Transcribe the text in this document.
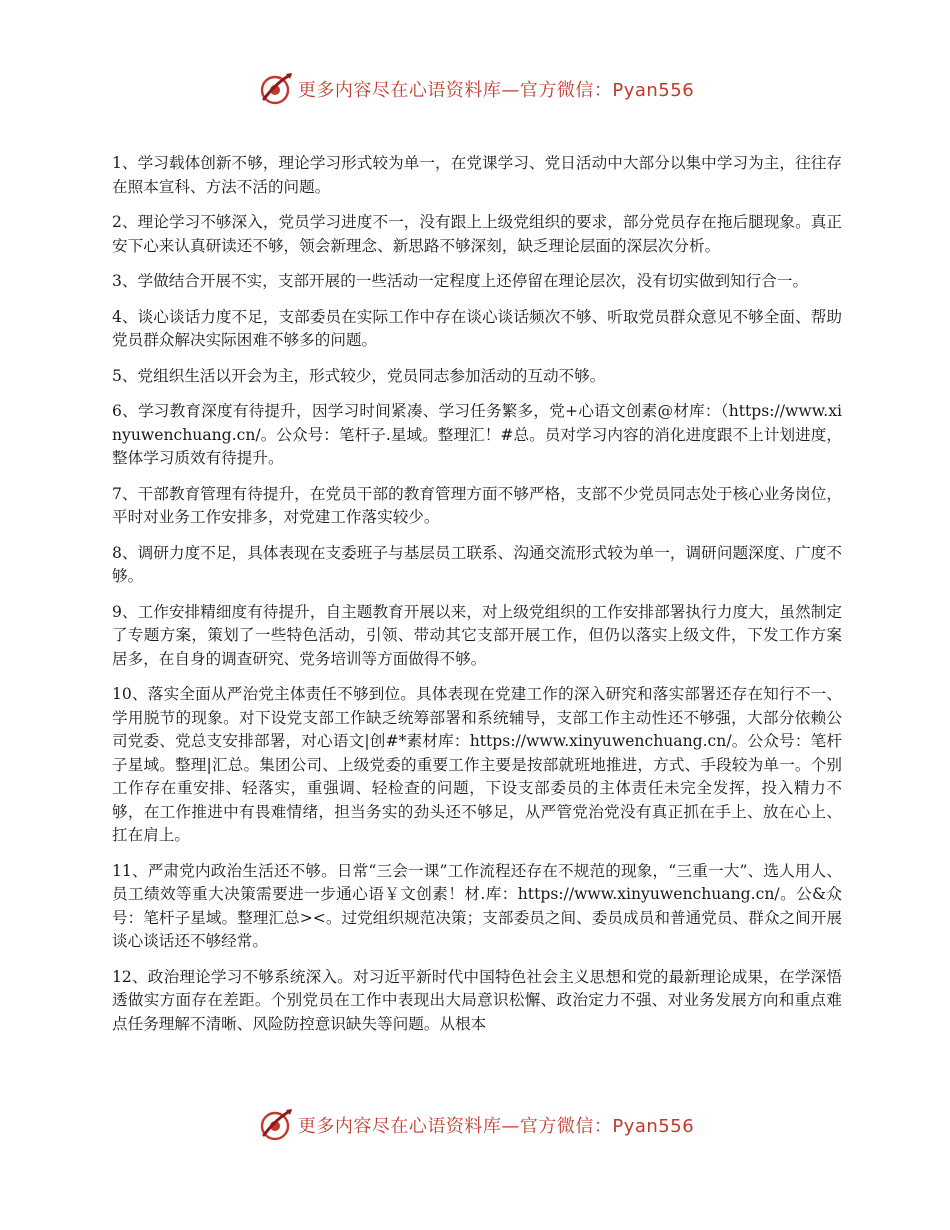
更多内容尽在心语资料库—官方微信：Pyan556

1、学习载体创新不够，理论学习形式较为单一，在党课学习、党日活动中大部分以集中学习为主，往往存在照本宣科、方法不活的问题。

2、理论学习不够深入，党员学习进度不一，没有跟上上级党组织的要求，部分党员存在拖后腿现象。真正安下心来认真研读还不够，领会新理念、新思路不够深刻，缺乏理论层面的深层次分析。

3、学做结合开展不实，支部开展的一些活动一定程度上还停留在理论层次，没有切实做到知行合一。

4、谈心谈话力度不足，支部委员在实际工作中存在谈心谈话频次不够、听取党员群众意见不够全面、帮助党员群众解决实际困难不够多的问题。

5、党组织生活以开会为主，形式较少，党员同志参加活动的互动不够。

6、学习教育深度有待提升，因学习时间紧凑、学习任务繁多，党+心语文创素@材库：（https://www.xinyuwenchuang.cn/。公众号：笔杆子.星域。整理汇！#总。员对学习内容的消化进度跟不上计划进度，整体学习质效有待提升。

7、干部教育管理有待提升，在党员干部的教育管理方面不够严格，支部不少党员同志处于核心业务岗位，平时对业务工作安排多，对党建工作落实较少。

8、调研力度不足，具体表现在支委班子与基层员工联系、沟通交流形式较为单一，调研问题深度、广度不够。

9、工作安排精细度有待提升，自主题教育开展以来，对上级党组织的工作安排部署执行力度大，虽然制定了专题方案，策划了一些特色活动，引领、带动其它支部开展工作，但仍以落实上级文件，下发工作方案居多，在自身的调查研究、党务培训等方面做得不够。

10、落实全面从严治党主体责任不够到位。具体表现在党建工作的深入研究和落实部署还存在知行不一、学用脱节的现象。对下设党支部工作缺乏统筹部署和系统辅导，支部工作主动性还不够强，大部分依赖公司党委、党总支安排部署，对心语文|创#*素材库：https://www.xinyuwenchuang.cn/。公众号：笔杆子星域。整理|汇总。集团公司、上级党委的重要工作主要是按部就班地推进，方式、手段较为单一。个别工作存在重安排、轻落实，重强调、轻检查的问题，下设支部委员的主体责任未完全发挥，投入精力不够，在工作推进中有畏难情绪，担当务实的劲头还不够足，从严管党治党没有真正抓在手上、放在心上、扛在肩上。

11、严肃党内政治生活还不够。日常“三会一课”工作流程还存在不规范的现象，“三重一大”、选人用人、员工绩效等重大决策需要进一步通心语￥文创素！材.库：https://www.xinyuwenchuang.cn/。公&众号：笔杆子星域。整理汇总><。过党组织规范决策；支部委员之间、委员成员和普通党员、群众之间开展谈心谈话还不够经常。

12、政治理论学习不够系统深入。对习近平新时代中国特色社会主义思想和党的最新理论成果，在学深悟透做实方面存在差距。个别党员在工作中表现出大局意识松懈、政治定力不强、对业务发展方向和重点难点任务理解不清晰、风险防控意识缺失等问题。从根本

更多内容尽在心语资料库—官方微信：Pyan556
